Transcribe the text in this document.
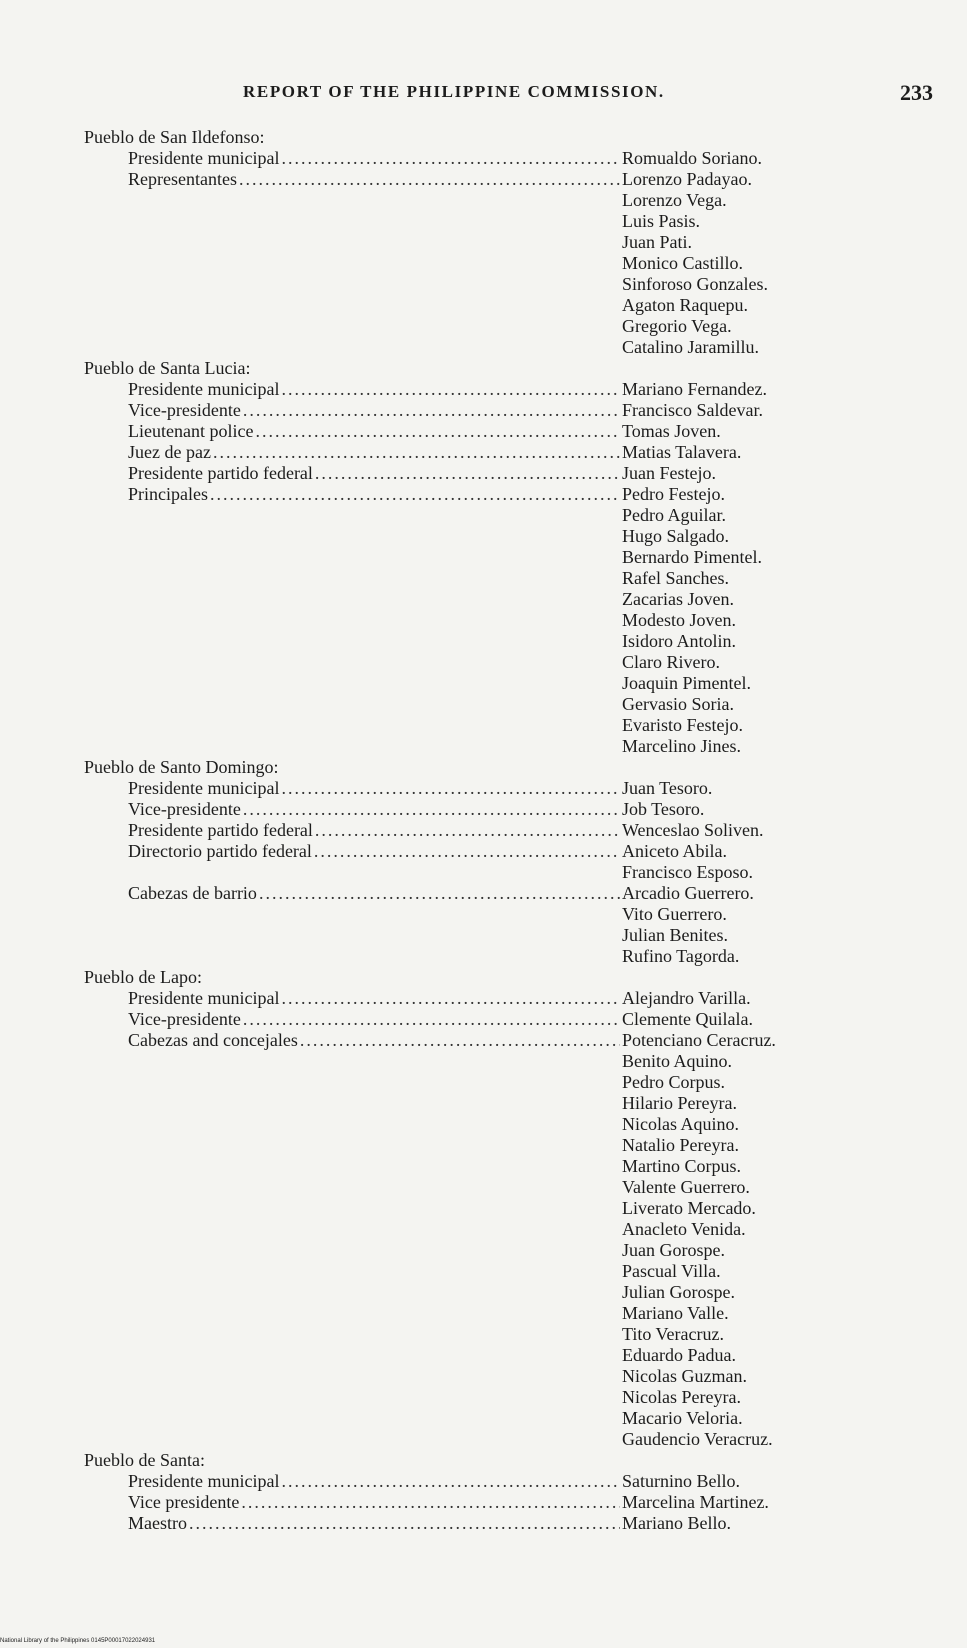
REPORT OF THE PHILIPPINE COMMISSION.	233
Pueblo de San Ildefonso:
Presidente municipal .....	Romualdo Soriano.
Representantes .....	Lorenzo Padayao.
Lorenzo Vega.
Luis Pasis.
Juan Pati.
Monico Castillo.
Sinforoso Gonzales.
Agaton Raquepu.
Gregorio Vega.
Catalino Jaramillu.
Pueblo de Santa Lucia:
Presidente municipal .....	Mariano Fernandez.
Vice-presidente .....	Francisco Saldevar.
Lieutenant police .....	Tomas Joven.
Juez de paz .....	Matias Talavera.
Presidente partido federal .....	Juan Festejo.
Principales .....	Pedro Festejo.
Pedro Aguilar.
Hugo Salgado.
Bernardo Pimentel.
Rafel Sanches.
Zacarias Joven.
Modesto Joven.
Isidoro Antolin.
Claro Rivero.
Joaquin Pimentel.
Gervasio Soria.
Evaristo Festejo.
Marcelino Jines.
Pueblo de Santo Domingo:
Presidente municipal .....	Juan Tesoro.
Vice-presidente .....	Job Tesoro.
Presidente partido federal .....	Wenceslao Soliven.
Directorio partido federal .....	Aniceto Abila.
Francisco Esposo.
Cabezas de barrio .....	Arcadio Guerrero.
Vito Guerrero.
Julian Benites.
Rufino Tagorda.
Pueblo de Lapo:
Presidente municipal .....	Alejandro Varilla.
Vice-presidente .....	Clemente Quilala.
Cabezas and concejales .....	Potenciano Ceracruz.
Benito Aquino.
Pedro Corpus.
Hilario Pereyra.
Nicolas Aquino.
Natalio Pereyra.
Martino Corpus.
Valente Guerrero.
Liverato Mercado.
Anacleto Venida.
Juan Gorospe.
Pascual Villa.
Julian Gorospe.
Mariano Valle.
Tito Veracruz.
Eduardo Padua.
Nicolas Guzman.
Nicolas Pereyra.
Macario Veloria.
Gaudencio Veracruz.
Pueblo de Santa:
Presidente municipal .....	Saturnino Bello.
Vice presidente .....	Marcelina Martinez.
Maestro .....	Mariano Bello.
National Library of the Philippines 0145P00017022024931
